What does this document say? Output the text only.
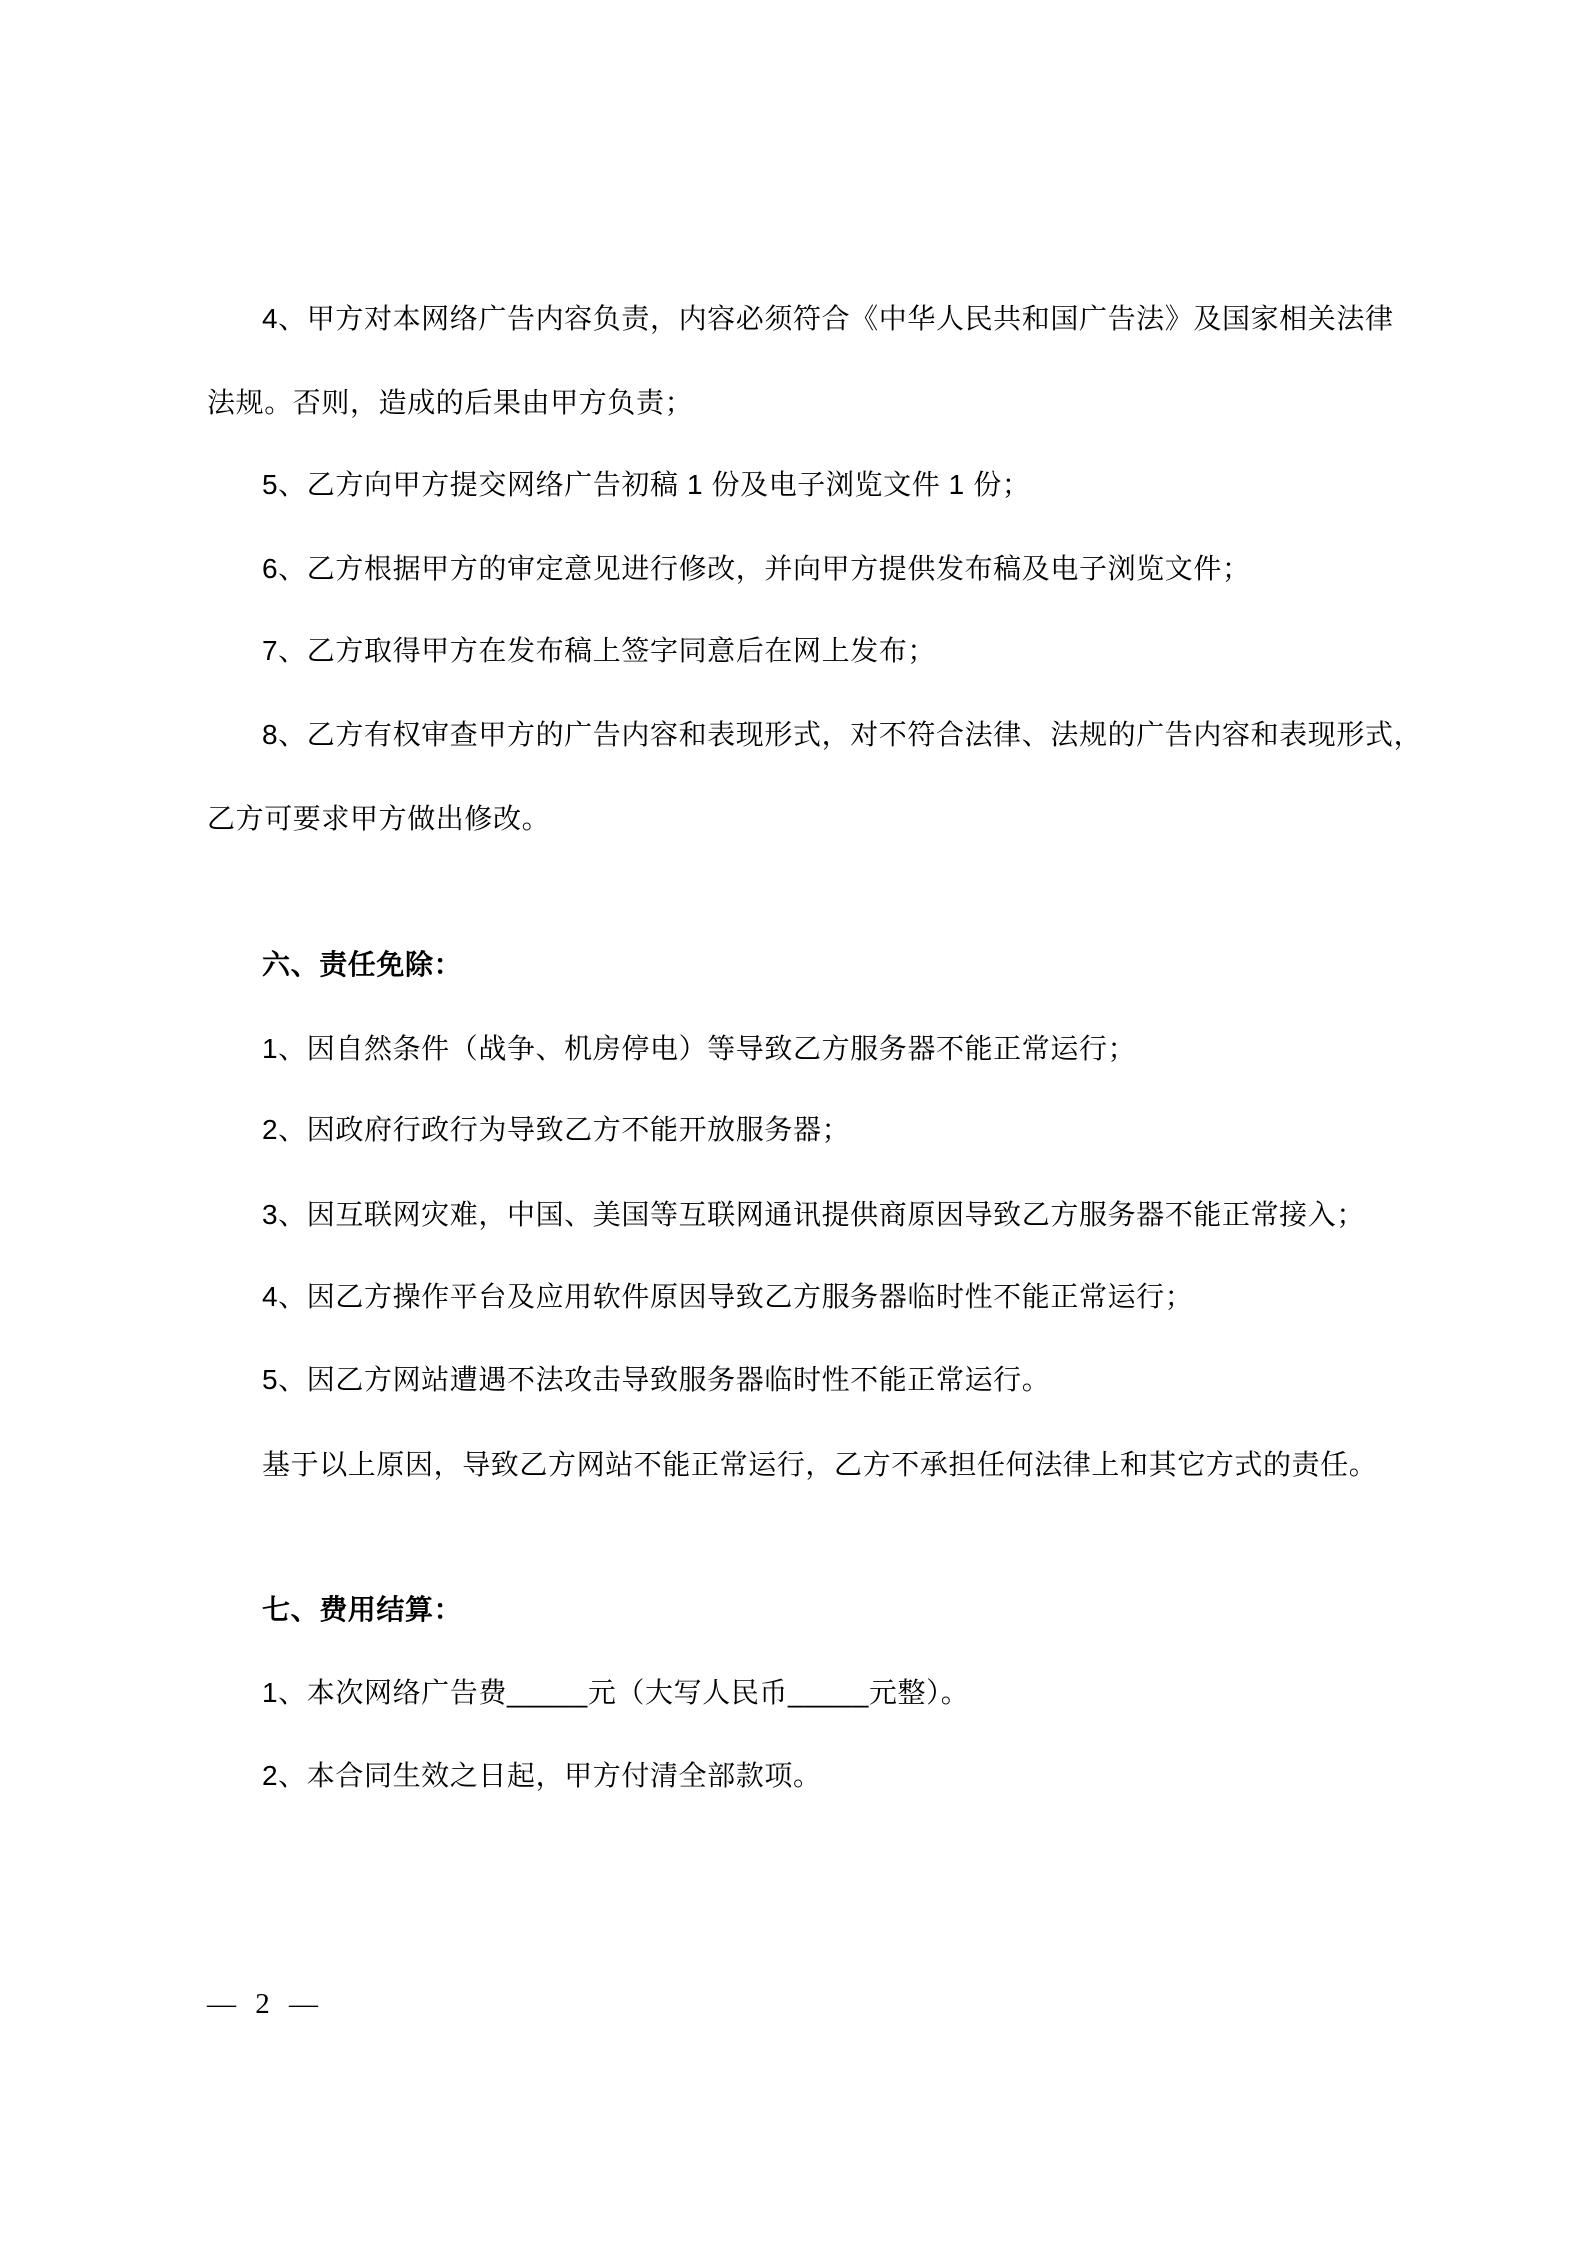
4、甲方对本网络广告内容负责，内容必须符合《中华人民共和国广告法》及国家相关法律
法规。否则，造成的后果由甲方负责；
5、乙方向甲方提交网络广告初稿 1 份及电子浏览文件 1 份；
6、乙方根据甲方的审定意见进行修改，并向甲方提供发布稿及电子浏览文件；
7、乙方取得甲方在发布稿上签字同意后在网上发布；
8、乙方有权审查甲方的广告内容和表现形式，对不符合法律、法规的广告内容和表现形式，
乙方可要求甲方做出修改。
六、责任免除：
1、因自然条件（战争、机房停电）等导致乙方服务器不能正常运行；
2、因政府行政行为导致乙方不能开放服务器；
3、因互联网灾难，中国、美国等互联网通讯提供商原因导致乙方服务器不能正常接入；
4、因乙方操作平台及应用软件原因导致乙方服务器临时性不能正常运行；
5、因乙方网站遭遇不法攻击导致服务器临时性不能正常运行。
基于以上原因，导致乙方网站不能正常运行，乙方不承担任何法律上和其它方式的责任。
七、费用结算：
1、本次网络广告费_____元（大写人民币_____元整）。
2、本合同生效之日起，甲方付清全部款项。
— 2 —
